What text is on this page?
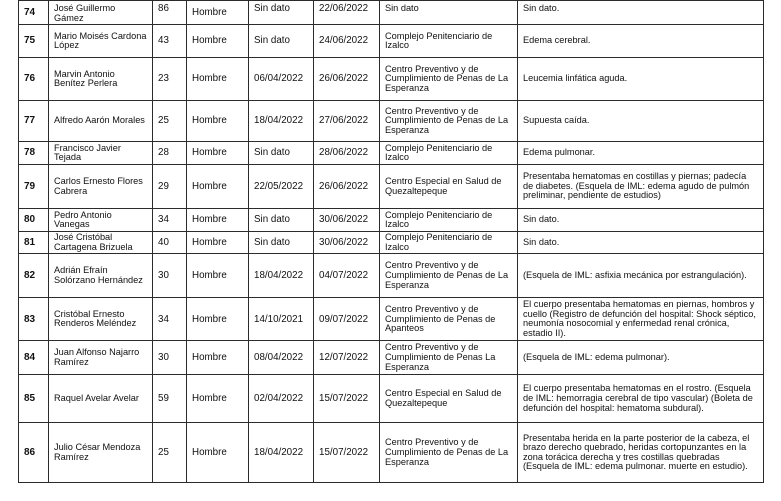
74	José Guillermo Gámez	86	Hombre	Sin dato	22/06/2022	Sin dato	Sin dato.
75	Mario Moisés Cardona López	43	Hombre	Sin dato	24/06/2022	Complejo Penitenciario de Izalco	Edema cerebral.
76	Marvin Antonio Benítez Perlera	23	Hombre	06/04/2022	26/06/2022	Centro Preventivo y de Cumplimiento de Penas de La Esperanza	Leucemia linfática aguda.
77	Alfredo Aarón Morales	25	Hombre	18/04/2022	27/06/2022	Centro Preventivo y de Cumplimiento de Penas de La Esperanza	Supuesta caída.
78	Francisco Javier Tejada	28	Hombre	Sin dato	28/06/2022	Complejo Penitenciario de Izalco	Edema pulmonar.
79	Carlos Ernesto Flores Cabrera	29	Hombre	22/05/2022	26/06/2022	Centro Especial en Salud de Quezaltepeque	Presentaba hematomas en costillas y piernas; padecía de diabetes. (Esquela de IML: edema agudo de pulmón preliminar, pendiente de estudios)
80	Pedro Antonio Vanegas	34	Hombre	Sin dato	30/06/2022	Complejo Penitenciario de Izalco	Sin dato.
81	José Cristóbal Cartagena Brizuela	40	Hombre	Sin dato	30/06/2022	Complejo Penitenciario de Izalco	Sin dato.
82	Adrián Efraín Solórzano Hernández	30	Hombre	18/04/2022	04/07/2022	Centro Preventivo y de Cumplimiento de Penas de La Esperanza	(Esquela de IML: asfixia mecánica por estrangulación).
83	Cristóbal Ernesto Renderos Meléndez	34	Hombre	14/10/2021	09/07/2022	Centro Preventivo y de Cumplimiento de Penas de Apanteos	El cuerpo presentaba hematomas en piernas, hombros y cuello (Registro de defunción del hospital: Shock séptico, neumonía nosocomial y enfermedad renal crónica, estadio II).
84	Juan Alfonso Najarro Ramírez	30	Hombre	08/04/2022	12/07/2022	Centro Preventivo y de Cumplimiento de Penas La Esperanza	(Esquela de IML: edema pulmonar).
85	Raquel Avelar Avelar	59	Hombre	02/04/2022	15/07/2022	Centro Especial en Salud de Quezaltepeque	El cuerpo presentaba hematomas en el rostro. (Esquela de IML: hemorragia cerebral de tipo vascular) (Boleta de defunción del hospital: hematoma subdural).
86	Julio César Mendoza Ramírez	25	Hombre	18/04/2022	15/07/2022	Centro Preventivo y de Cumplimiento de Penas de La Esperanza	Presentaba herida en la parte posterior de la cabeza, el brazo derecho quebrado, heridas cortopunzantes en la zona torácica derecha y tres costillas quebradas (Esquela de IML: edema pulmonar. muerte en estudio).
